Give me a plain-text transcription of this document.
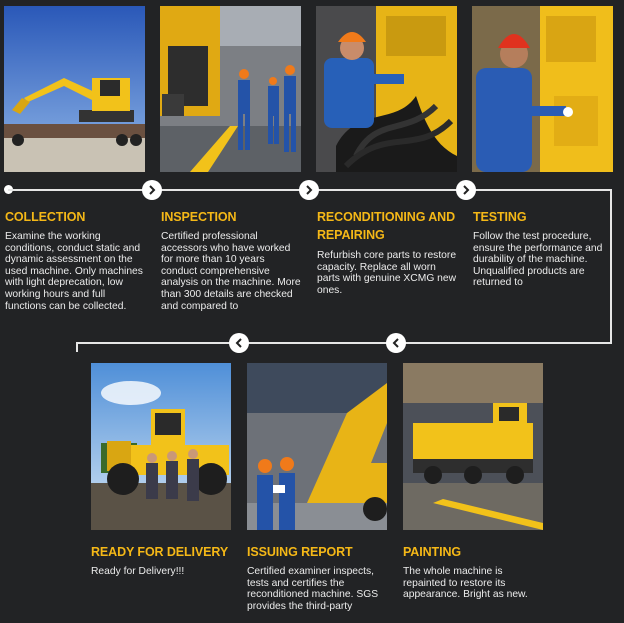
COLLECTION
Examine the working conditions, conduct static and dynamic assessment on the used machine. Only machines with light deprecation, low working hours and full functions can be collected.
INSPECTION
Certified professional accessors who have worked for more than 10 years conduct comprehensive analysis on the machine. More than 300 details are checked and compared to
RECONDITIONING AND REPAIRING
Refurbish core parts to restore capacity. Replace all worn parts with genuine XCMG new ones.
TESTING
Follow the test procedure, ensure the performance and durability of the machine. Unqualified products are returned to
READY FOR DELIVERY
Ready for Delivery!!!
ISSUING REPORT
Certified examiner inspects, tests and certifies the reconditioned machine. SGS provides the third-party
PAINTING
The whole machine is repainted to restore its appearance. Bright as new.
